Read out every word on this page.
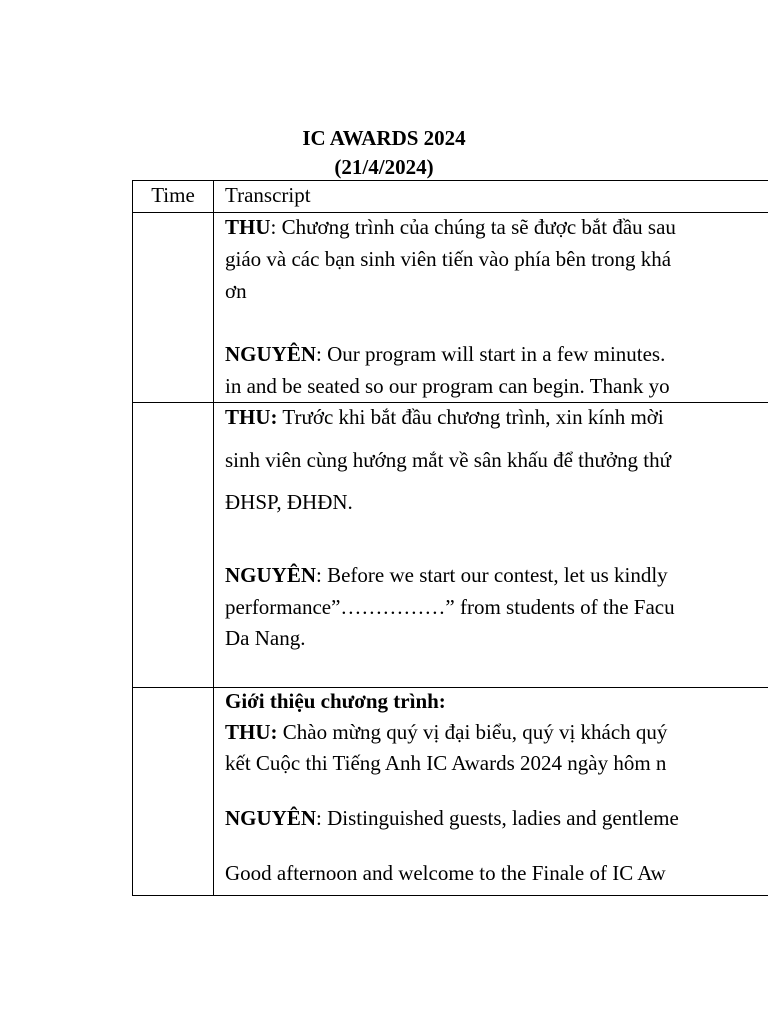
IC AWARDS 2024
(21/4/2024)
Time	Transcript
THU: Chương trình của chúng ta sẽ được bắt đầu sau
giáo và các bạn sinh viên tiến vào phía bên trong khá
ơn
NGUYÊN: Our program will start in a few minutes.
in and be seated so our program can begin. Thank yo
THU: Trước khi bắt đầu chương trình, xin kính mời
sinh viên cùng hướng mắt về sân khấu để thưởng thứ
ĐHSP, ĐHĐN.
NGUYÊN: Before we start our contest, let us kindly
performance”……………” from students of the Facu
Da Nang.
Giới thiệu chương trình:
THU: Chào mừng quý vị đại biểu, quý vị khách quý
kết Cuộc thi Tiếng Anh IC Awards 2024 ngày hôm n
NGUYÊN: Distinguished guests, ladies and gentleme
Good afternoon and welcome to the Finale of IC Aw
